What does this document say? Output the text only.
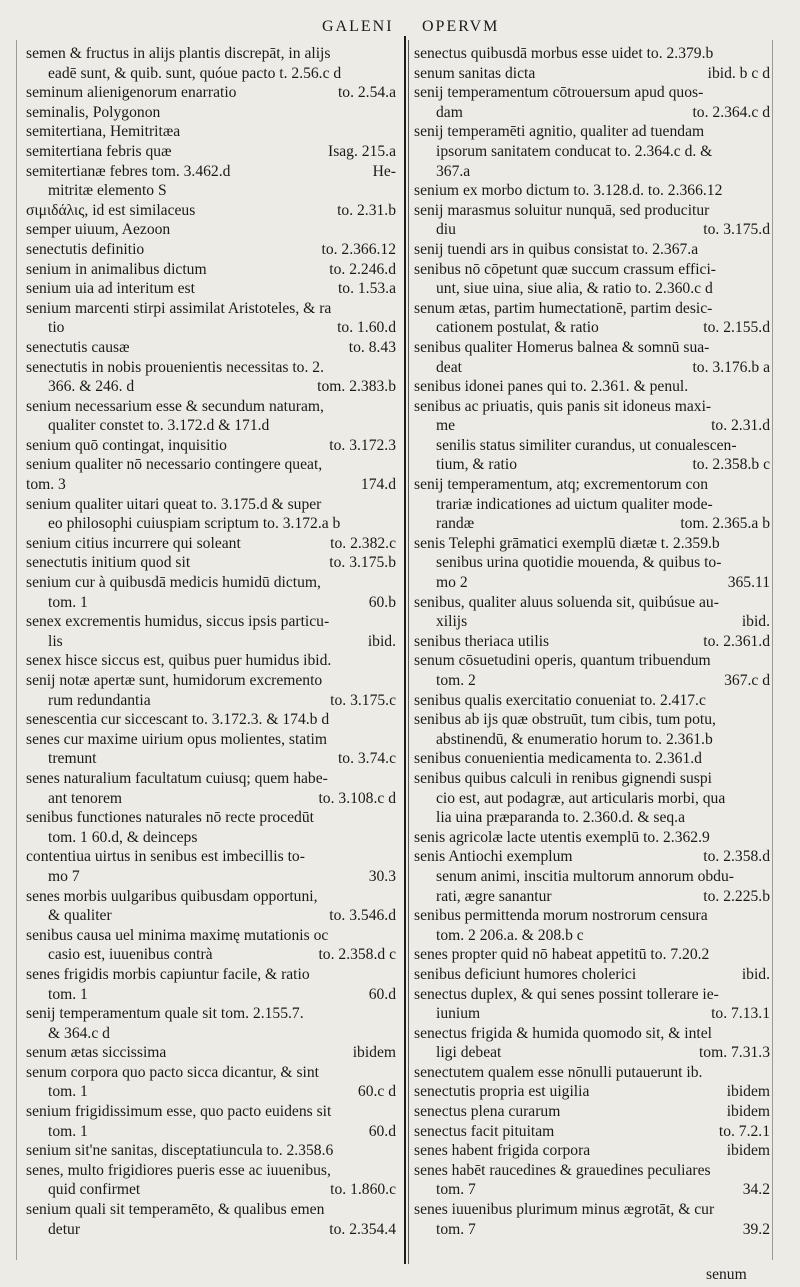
GALENI OPERVM
semen & fructus in alijs plantis discrepāt, in alijs
eadē sunt, & quib. sunt, quóue pacto t. 2.56.c d
seminum alienigenorum enarratio	to. 2.54.a
seminalis, Polygonon
semitertiana, Hemitritæa
semitertiana febris quæ	Isag. 215.a
semitertianæ febres tom. 3.462.d	He-
mitritæ elemento S
σιμιδάλις, id est similaceus	to. 2.31.b
semper uiuum, Aezoon
senectutis definitio	to. 2.366.12
senium in animalibus dictum	to. 2.246.d
senium uia ad interitum est	to. 1.53.a
senium marcenti stirpi assimilat Aristoteles, & ra
tio	to. 1.60.d
senectutis causæ	to. 8.43
senectutis in nobis prouenientis necessitas to. 2.
366. & 246. d	tom. 2.383.b
senium necessarium esse & secundum naturam,
qualiter constet to. 3.172.d & 171.d
senium quō contingat, inquisitio	to. 3.172.3
senium qualiter nō necessario contingere queat,
tom. 3	174.d
senium qualiter uitari queat to. 3.175.d & super
eo philosophi cuiuspiam scriptum to. 3.172.a b
senium citius incurrere qui soleant	to. 2.382.c
senectutis initium quod sit	to. 3.175.b
senium cur à quibusdā medicis humidū dictum,
tom. 1	60.b
senex excrementis humidus, siccus ipsis particu-
lis	ibid.
senex hisce siccus est, quibus puer humidus ibid.
senij notæ apertæ sunt, humidorum excremento
rum redundantia	to. 3.175.c
senescentia cur siccescant to. 3.172.3. & 174.b d
senes cur maxime uirium opus molientes, statim
tremunt	to. 3.74.c
senes naturalium facultatum cuiusq; quem habe-
ant tenorem	to. 3.108.c d
senibus functiones naturales nō recte procedūt
tom. 1 60.d, & deinceps
contentiua uirtus in senibus est imbecillis to-
mo 7	30.3
senes morbis uulgaribus quibusdam opportuni,
& qualiter	to. 3.546.d
senibus causa uel minima maximę mutationis oc
casio est, iuuenibus contrà	to. 2.358.d c
senes frigidis morbis capiuntur facile, & ratio
tom. 1	60.d
senij temperamentum quale sit tom. 2.155.7.
& 364.c d
senum ætas siccissima	ibidem
senum corpora quo pacto sicca dicantur, & sint
tom. 1	60.c d
senium frigidissimum esse, quo pacto euidens sit
tom. 1	60.d
senium sit'ne sanitas, disceptatiuncula to. 2.358.6
senes, multo frigidiores pueris esse ac iuuenibus,
quid confirmet	to. 1.860.c
senium quali sit temperamēto, & qualibus emen
detur	to. 2.354.4
senectus quibusdā morbus esse uidet to. 2.379.b
senum sanitas dicta	ibid. b c d
senij temperamentum cōtrouersum apud quos-
dam	to. 2.364.c d
senij temperamēti agnitio, qualiter ad tuendam
ipsorum sanitatem conducat to. 2.364.c d. &
367.a
senium ex morbo dictum to. 3.128.d. to. 2.366.12
senij marasmus soluitur nunquā, sed producitur
diu	to. 3.175.d
senij tuendi ars in quibus consistat to. 2.367.a
senibus nō cōpetunt quæ succum crassum effici-
unt, siue uina, siue alia, & ratio to. 2.360.c d
senum ætas, partim humectationē, partim desic-
cationem postulat, & ratio	to. 2.155.d
senibus qualiter Homerus balnea & somnū sua-
deat	to. 3.176.b a
senibus idonei panes qui to. 2.361. & penul.
senibus ac priuatis, quis panis sit idoneus maxi-
me	to. 2.31.d
senilis status similiter curandus, ut conualescen-
tium, & ratio	to. 2.358.b c
senij temperamentum, atq; excrementorum con
trariæ indicationes ad uictum qualiter mode-
randæ	tom. 2.365.a b
senis Telephi grāmatici exemplū diætæ t. 2.359.b
senibus urina quotidie mouenda, & quibus to-
mo 2	365.11
senibus, qualiter aluus soluenda sit, quibúsue au-
xilijs	ibid.
senibus theriaca utilis	to. 2.361.d
senum cōsuetudini operis, quantum tribuendum
tom. 2	367.c d
senibus qualis exercitatio conueniat to. 2.417.c
senibus ab ijs quæ obstruūt, tum cibis, tum potu,
abstinendū, & enumeratio horum to. 2.361.b
senibus conuenientia medicamenta to. 2.361.d
senibus quibus calculi in renibus gignendi suspi
cio est, aut podagræ, aut articularis morbi, qua
lia uina præparanda to. 2.360.d. & seq.a
senis agricolæ lacte utentis exemplū to. 2.362.9
senis Antiochi exemplum	to. 2.358.d
senum animi, inscitia multorum annorum obdu-
rati, ægre sanantur	to. 2.225.b
senibus permittenda morum nostrorum censura
tom. 2 206.a. & 208.b c
senes propter quid nō habeat appetitū to. 7.20.2
senibus deficiunt humores cholerici	ibid.
senectus duplex, & qui senes possint tollerare ie-
iunium	to. 7.13.1
senectus frigida & humida quomodo sit, & intel
ligi debeat	tom. 7.31.3
senectutem qualem esse nōnulli putauerunt ib.
senectutis propria est uigilia	ibidem
senectus plena curarum	ibidem
senectus facit pituitam	to. 7.2.1
senes habent frigida corpora	ibidem
senes habēt raucedines & grauedines peculiares
tom. 7	34.2
senes iuuenibus plurimum minus ægrotāt, & cur
tom. 7	39.2
senum
